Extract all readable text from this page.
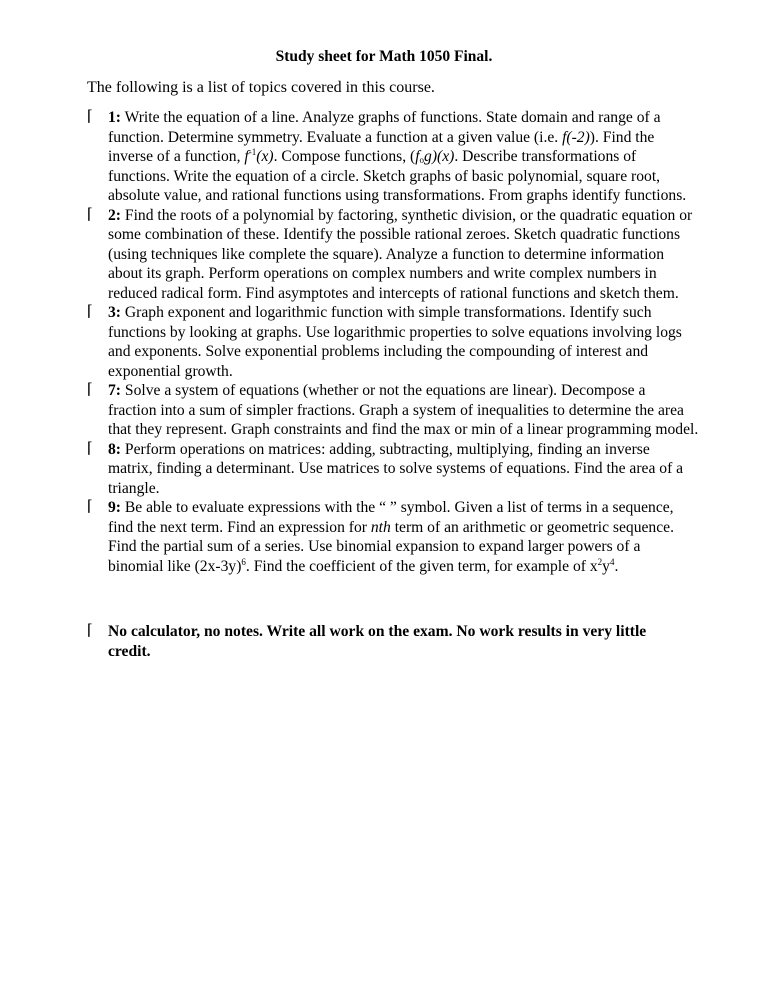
Study sheet for Math 1050 Final.
The following is a list of topics covered in this course.
⌈ 1: Write the equation of a line. Analyze graphs of functions. State domain and range of a
function. Determine symmetry. Evaluate a function at a given value (i.e. f(-2)). Find the
inverse of a function, $f^{-1}(x)$. Compose functions, $(f_og)(x)$. Describe transformations of
functions. Write the equation of a circle. Sketch graphs of basic polynomial, square root,
absolute value, and rational functions using transformations. From graphs identify functions.
⌈ 2: Find the roots of a polynomial by factoring, synthetic division, or the quadratic equation or
some combination of these. Identify the possible rational zeroes. Sketch quadratic functions
(using techniques like complete the square). Analyze a function to determine information
about its graph. Perform operations on complex numbers and write complex numbers in
reduced radical form. Find asymptotes and intercepts of rational functions and sketch them.
⌈ 3: Graph exponent and logarithmic function with simple transformations. Identify such
functions by looking at graphs. Use logarithmic properties to solve equations involving logs
and exponents. Solve exponential problems including the compounding of interest and
exponential growth.
⌈ 7: Solve a system of equations (whether or not the equations are linear). Decompose a
fraction into a sum of simpler fractions. Graph a system of inequalities to determine the area
that they represent. Graph constraints and find the max or min of a linear programming model.
⌈ 8: Perform operations on matrices: adding, subtracting, multiplying, finding an inverse
matrix, finding a determinant. Use matrices to solve systems of equations. Find the area of a
triangle.
⌈ 9: Be able to evaluate expressions with the “ ” symbol. Given a list of terms in a sequence,
find the next term. Find an expression for nth term of an arithmetic or geometric sequence.
Find the partial sum of a series. Use binomial expansion to expand larger powers of a
binomial like $(2x-3y)^6$. Find the coefficient of the given term, for example of $x^2y^4$.
⌈ No calculator, no notes. Write all work on the exam. No work results in very little
credit.
